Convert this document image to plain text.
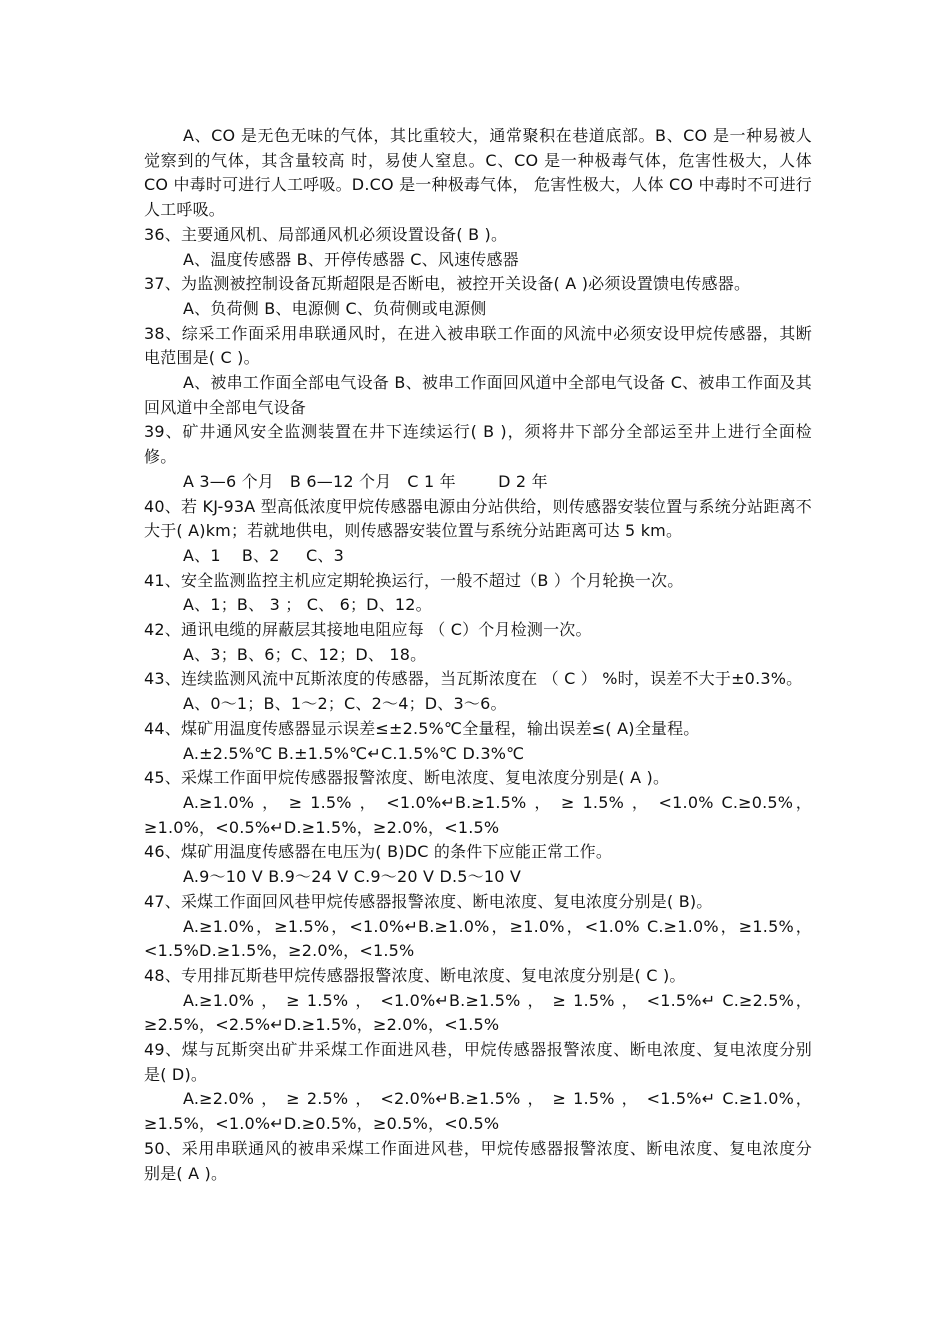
A、CO 是无色无味的气体，其比重较大，通常聚积在巷道底部。B、CO 是一种易被人觉察到的气体，其含量较高 时，易使人窒息。C、CO 是一种极毒气体，危害性极大，人体 CO 中毒时可进行人工呼吸。D.CO 是一种极毒气体， 危害性极大，人体 CO 中毒时不可进行人工呼吸。

36、主要通风机、局部通风机必须设置设备( B )。

A、温度传感器 B、开停传感器 C、风速传感器

37、为监测被控制设备瓦斯超限是否断电，被控开关设备( A )必须设置馈电传感器。

A、负荷侧 B、电源侧 C、负荷侧或电源侧

38、综采工作面采用串联通风时，在进入被串联工作面的风流中必须安设甲烷传感器，其断电范围是( C )。

A、被串工作面全部电气设备 B、被串工作面回风道中全部电气设备 C、被串工作面及其回风道中全部电气设备

39、矿井通风安全监测装置在井下连续运行( B )，须将井下部分全部运至井上进行全面检修。

A 3—6 个月   B 6—12 个月   C 1 年        D 2 年

40、若 KJ-93A 型高低浓度甲烷传感器电源由分站供给，则传感器安装位置与系统分站距离不大于( A)km；若就地供电，则传感器安装位置与系统分站距离可达 5 km。

A、1    B、2     C、3

41、安全监测监控主机应定期轮换运行，一般不超过（B ）个月轮换一次。

A、1；B、 3 ； C、 6；D、12。

42、通讯电缆的屏蔽层其接地电阻应每 （ C）个月检测一次。

A、3；B、6；C、12；D、 18。

43、连续监测风流中瓦斯浓度的传感器，当瓦斯浓度在 （ C ） %时，误差不大于±0.3%。

A、0～1；B、1～2；C、2～4；D、3～6。

44、煤矿用温度传感器显示误差≤±2.5%℃全量程，输出误差≤( A)全量程。

A.±2.5%℃ B.±1.5%℃↵C.1.5%℃ D.3%℃

45、采煤工作面甲烷传感器报警浓度、断电浓度、复电浓度分别是( A )。

A.≥1.0% ， ≥ 1.5% ， <1.0%↵B.≥1.5% ， ≥ 1.5% ， <1.0% C.≥0.5%，≥1.0%，<0.5%↵D.≥1.5%，≥2.0%，<1.5%

46、煤矿用温度传感器在电压为( B)DC 的条件下应能正常工作。

A.9～10 V B.9～24 V C.9～20 V D.5～10 V

47、采煤工作面回风巷甲烷传感器报警浓度、断电浓度、复电浓度分别是( B)。

A.≥1.0%，≥1.5%，<1.0%↵B.≥1.0%，≥1.0%，<1.0% C.≥1.0%，≥1.5%，<1.5%D.≥1.5%，≥2.0%，<1.5%

48、专用排瓦斯巷甲烷传感器报警浓度、断电浓度、复电浓度分别是( C )。

A.≥1.0% ， ≥ 1.5% ， <1.0%↵B.≥1.5% ， ≥ 1.5% ， <1.5%↵ C.≥2.5%，≥2.5%，<2.5%↵D.≥1.5%，≥2.0%，<1.5%

49、煤与瓦斯突出矿井采煤工作面进风巷，甲烷传感器报警浓度、断电浓度、复电浓度分别是( D)。

A.≥2.0% ， ≥ 2.5% ， <2.0%↵B.≥1.5% ， ≥ 1.5% ， <1.5%↵ C.≥1.0%，≥1.5%，<1.0%↵D.≥0.5%，≥0.5%，<0.5%

50、采用串联通风的被串采煤工作面进风巷，甲烷传感器报警浓度、断电浓度、复电浓度分别是( A )。
